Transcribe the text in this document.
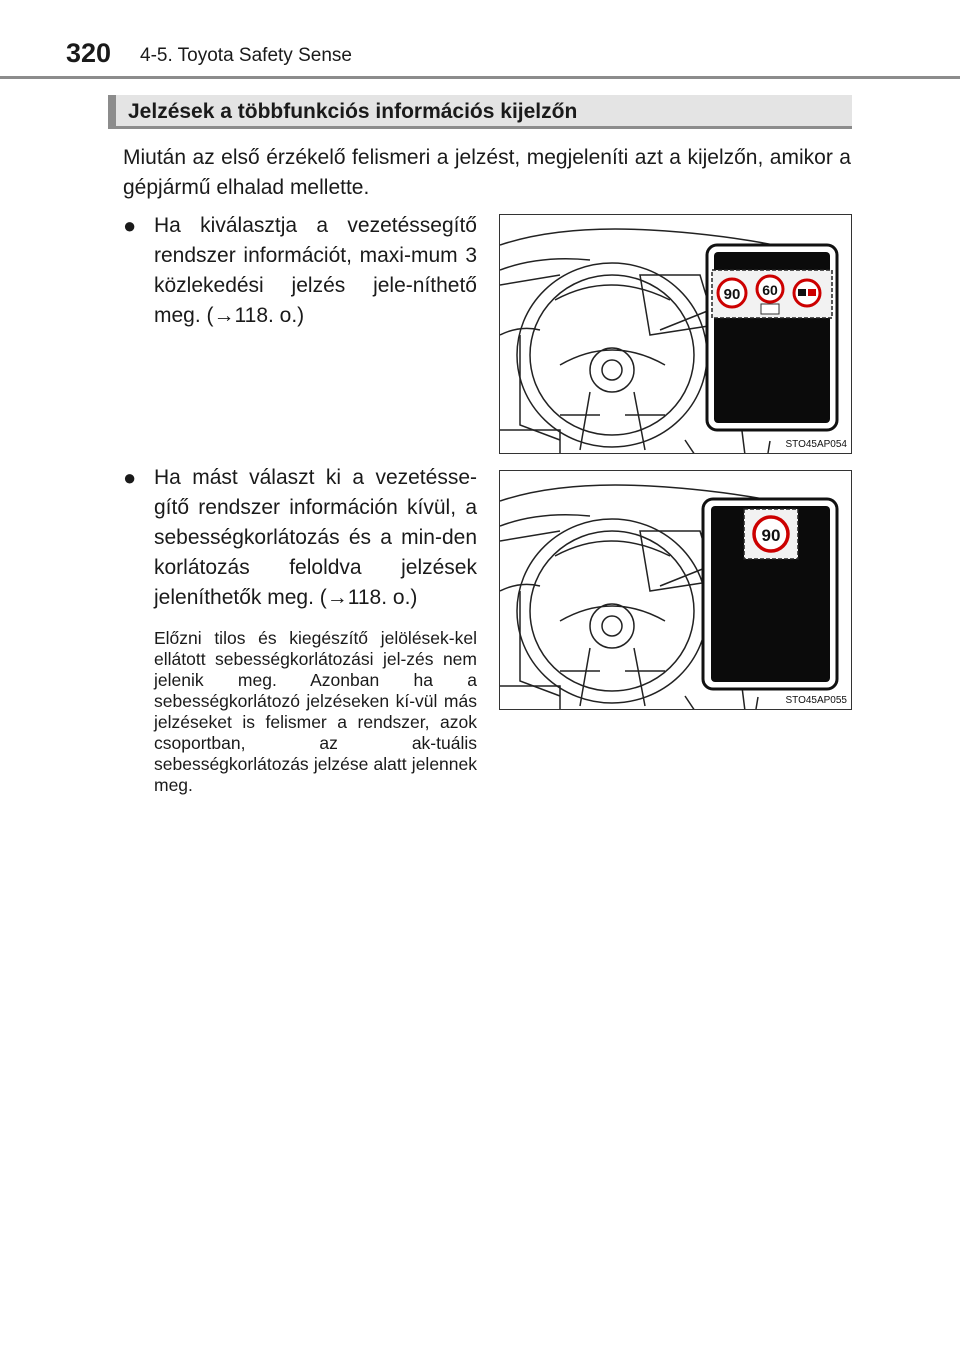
320 4-5. Toyota Safety Sense
Jelzések a többfunkciós információs kijelzőn
Miután az első érzékelő felismeri a jelzést, megjeleníti azt a kijelzőn, amikor a gépjármű elhalad mellette.
● Ha kiválasztja a vezetéssegítő rendszer információt, maxi-mum 3 közlekedési jelzés jele-níthető meg. (→118. o.)
● Ha mást választ ki a vezetésse-gítő rendszer információn kívül, a sebességkorlátozás és a min-den korlátozás feloldva jelzések jeleníthetők meg. (→118. o.)
Előzni tilos és kiegészítő jelölések-kel ellátott sebességkorlátozási jel-zés nem jelenik meg. Azonban ha a sebességkorlátozó jelzéseken kí-vül más jelzéseket is felismer a rendszer, azok csoportban, az ak-tuális sebességkorlátozás jelzése alatt jelennek meg.
90 60
STO45AP054
90
STO45AP055
